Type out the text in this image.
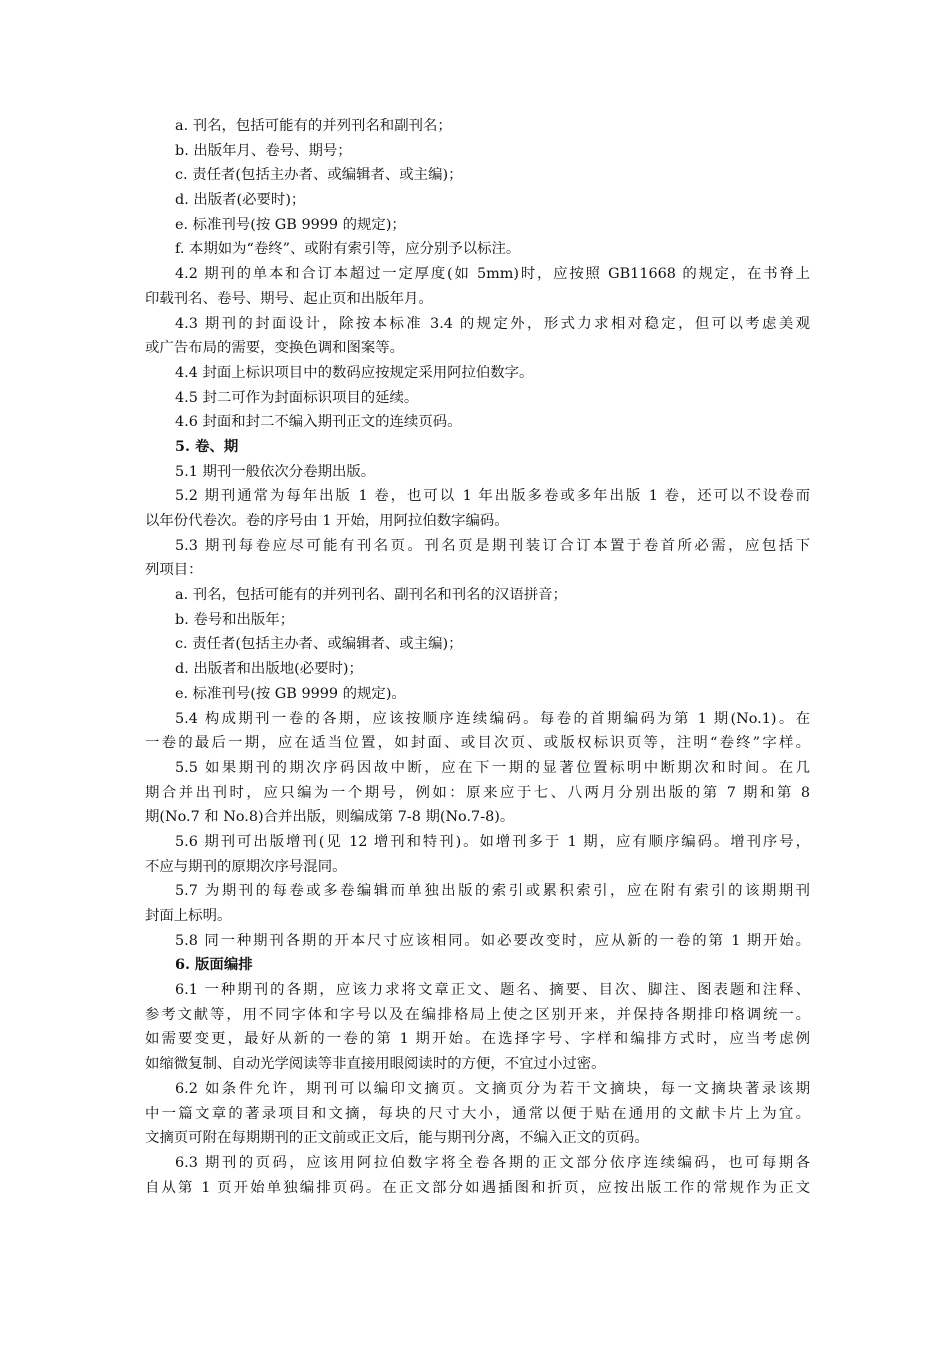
a. 刊名，包括可能有的并列刊名和副刊名；

b. 出版年月、卷号、期号；

c. 责任者(包括主办者、或编辑者、或主编)；

d. 出版者(必要时)；

e. 标准刊号(按 GB 9999 的规定)；

f. 本期如为“卷终”、或附有索引等，应分别予以标注。

4.2 期刊的单本和合订本超过一定厚度(如 5mm)时，应按照 GB11668 的规定，在书脊上

印载刊名、卷号、期号、起止页和出版年月。

4.3 期刊的封面设计，除按本标准 3.4 的规定外，形式力求相对稳定，但可以考虑美观

或广告布局的需要，变换色调和图案等。

4.4 封面上标识项目中的数码应按规定采用阿拉伯数字。

4.5 封二可作为封面标识项目的延续。

4.6 封面和封二不编入期刊正文的连续页码。

5. 卷、期

5.1 期刊一般依次分卷期出版。

5.2 期刊通常为每年出版 1 卷，也可以 1 年出版多卷或多年出版 1 卷，还可以不设卷而

以年份代卷次。卷的序号由 1 开始，用阿拉伯数字编码。

5.3 期刊每卷应尽可能有刊名页。刊名页是期刊装订合订本置于卷首所必需，应包括下

列项目：

a. 刊名，包括可能有的并列刊名、副刊名和刊名的汉语拼音；

b. 卷号和出版年；

c. 责任者(包括主办者、或编辑者、或主编)；

d. 出版者和出版地(必要时)；

e. 标准刊号(按 GB 9999 的规定)。

5.4 构成期刊一卷的各期，应该按顺序连续编码。每卷的首期编码为第 1 期(No.1)。在

一卷的最后一期，应在适当位置，如封面、或目次页、或版权标识页等，注明“卷终”字样。

5.5 如果期刊的期次序码因故中断，应在下一期的显著位置标明中断期次和时间。在几

期合并出刊时，应只编为一个期号，例如：原来应于七、八两月分别出版的第 7 期和第 8

期(No.7 和 No.8)合并出版，则编成第 7-8 期(No.7-8)。

5.6 期刊可出版增刊(见 12 增刊和特刊)。如增刊多于 1 期，应有顺序编码。增刊序号，

不应与期刊的原期次序号混同。

5.7 为期刊的每卷或多卷编辑而单独出版的索引或累积索引，应在附有索引的该期期刊

封面上标明。

5.8 同一种期刊各期的开本尺寸应该相同。如必要改变时，应从新的一卷的第 1 期开始。

6. 版面编排

6.1 一种期刊的各期，应该力求将文章正文、题名、摘要、目次、脚注、图表题和注释、

参考文献等，用不同字体和字号以及在编排格局上使之区别开来，并保持各期排印格调统一。

如需要变更，最好从新的一卷的第 1 期开始。在选择字号、字样和编排方式时，应当考虑例

如缩微复制、自动光学阅读等非直接用眼阅读时的方便，不宜过小过密。

6.2 如条件允许，期刊可以编印文摘页。文摘页分为若干文摘块，每一文摘块著录该期

中一篇文章的著录项目和文摘，每块的尺寸大小，通常以便于贴在通用的文献卡片上为宜。

文摘页可附在每期期刊的正文前或正文后，能与期刊分离，不编入正文的页码。

6.3 期刊的页码，应该用阿拉伯数字将全卷各期的正文部分依序连续编码，也可每期各

自从第 1 页开始单独编排页码。在正文部分如遇插图和折页，应按出版工作的常规作为正文
